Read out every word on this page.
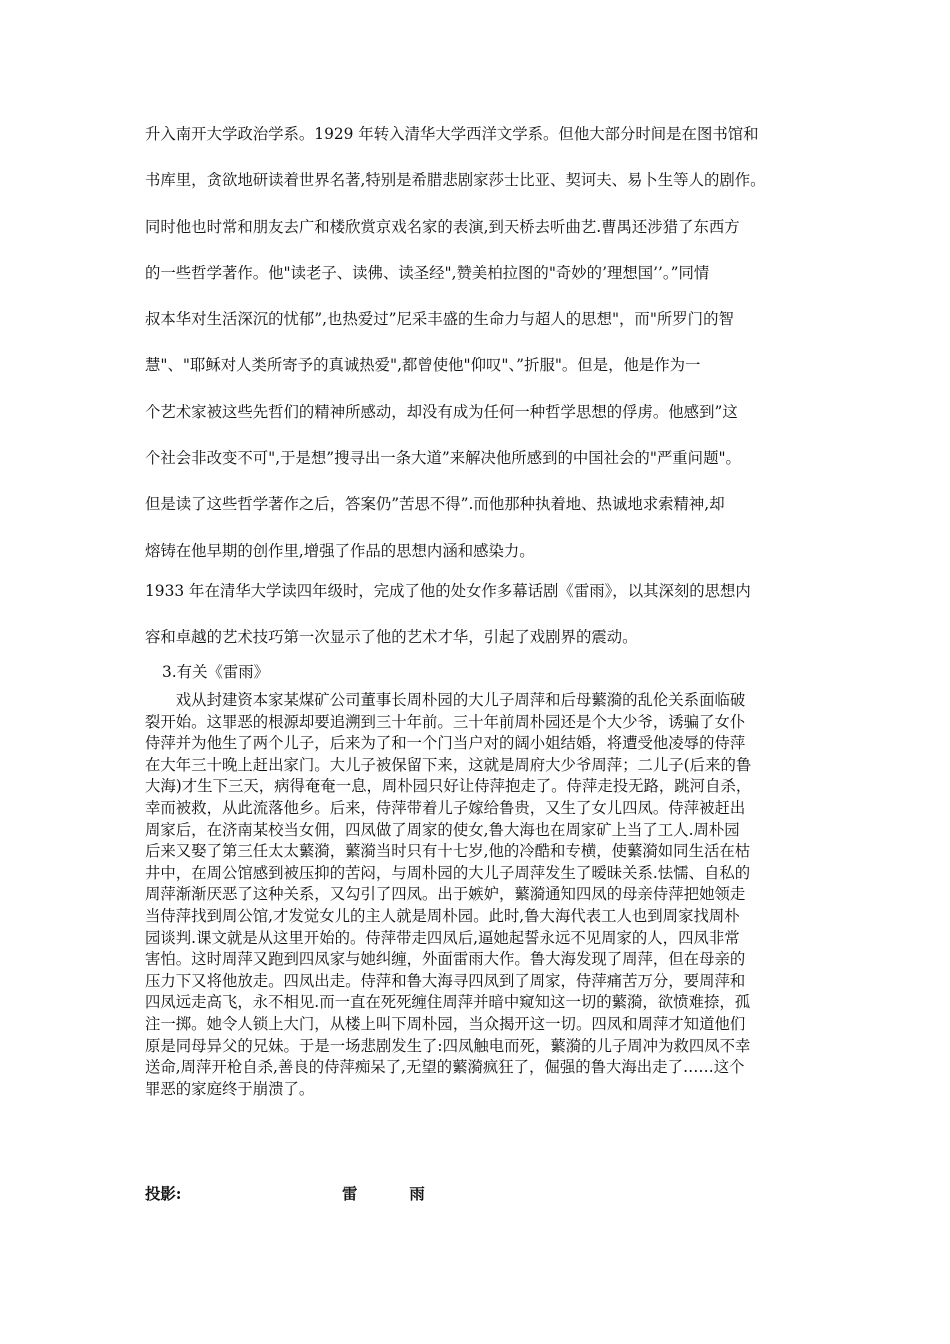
升入南开大学政治学系。1929 年转入清华大学西洋文学系。但他大部分时间是在图书馆和
书库里，贪欲地研读着世界名著,特别是希腊悲剧家莎士比亚、契诃夫、易卜生等人的剧作。
同时他也时常和朋友去广和楼欣赏京戏名家的表演,到天桥去听曲艺.曹禺还涉猎了东西方
的一些哲学著作。他"读老子、读佛、读圣经",赞美柏拉图的"奇妙的’理想国’’。”同情
叔本华对生活深沉的忧郁”,也热爱过”尼采丰盛的生命力与超人的思想"，而"所罗门的智
慧"、"耶稣对人类所寄予的真诚热爱",都曾使他"仰叹"、”折服"。但是，他是作为一
个艺术家被这些先哲们的精神所感动，却没有成为任何一种哲学思想的俘虏。他感到”这
个社会非改变不可",于是想”搜寻出一条大道”来解决他所感到的中国社会的"严重问题"。
但是读了这些哲学著作之后，答案仍”苦思不得”.而他那种执着地、热诚地求索精神,却
熔铸在他早期的创作里,增强了作品的思想内涵和感染力。
1933 年在清华大学读四年级时，完成了他的处女作多幕话剧《雷雨》，以其深刻的思想内
容和卓越的艺术技巧第一次显示了他的艺术才华，引起了戏剧界的震动。

3.有关《雷雨》

　　戏从封建资本家某煤矿公司董事长周朴园的大儿子周萍和后母蘩漪的乱伦关系面临破
裂开始。这罪恶的根源却要追溯到三十年前。三十年前周朴园还是个大少爷，诱骗了女仆
侍萍并为他生了两个儿子，后来为了和一个门当户对的阔小姐结婚，将遭受他凌辱的侍萍
在大年三十晚上赶出家门。大儿子被保留下来，这就是周府大少爷周萍；二儿子(后来的鲁
大海)才生下三天，病得奄奄一息，周朴园只好让侍萍抱走了。侍萍走投无路，跳河自杀，
幸而被救，从此流落他乡。后来，侍萍带着儿子嫁给鲁贵，又生了女儿四凤。侍萍被赶出
周家后，在济南某校当女佣，四凤做了周家的使女,鲁大海也在周家矿上当了工人.周朴园
后来又娶了第三任太太蘩漪，蘩漪当时只有十七岁,他的冷酷和专横，使蘩漪如同生活在枯
井中，在周公馆感到被压抑的苦闷，与周朴园的大儿子周萍发生了暧昧关系.怯懦、自私的
周萍渐渐厌恶了这种关系，又勾引了四凤。出于嫉妒，蘩漪通知四凤的母亲侍萍把她领走
当侍萍找到周公馆,才发觉女儿的主人就是周朴园。此时,鲁大海代表工人也到周家找周朴
园谈判.课文就是从这里开始的。侍萍带走四凤后,逼她起誓永远不见周家的人，四凤非常
害怕。这时周萍又跑到四凤家与她纠缠，外面雷雨大作。鲁大海发现了周萍，但在母亲的
压力下又将他放走。四凤出走。侍萍和鲁大海寻四凤到了周家，侍萍痛苦万分，要周萍和
四凤远走高飞，永不相见.而一直在死死缠住周萍并暗中窥知这一切的蘩漪，欲愤难捺，孤
注一掷。她令人锁上大门，从楼上叫下周朴园，当众揭开这一切。四凤和周萍才知道他们
原是同母异父的兄妹。于是一场悲剧发生了:四凤触电而死，蘩漪的儿子周冲为救四凤不幸
送命,周萍开枪自杀,善良的侍萍痴呆了,无望的蘩漪疯狂了，倔强的鲁大海出走了……这个
罪恶的家庭终于崩溃了。

投影:	雷雨
